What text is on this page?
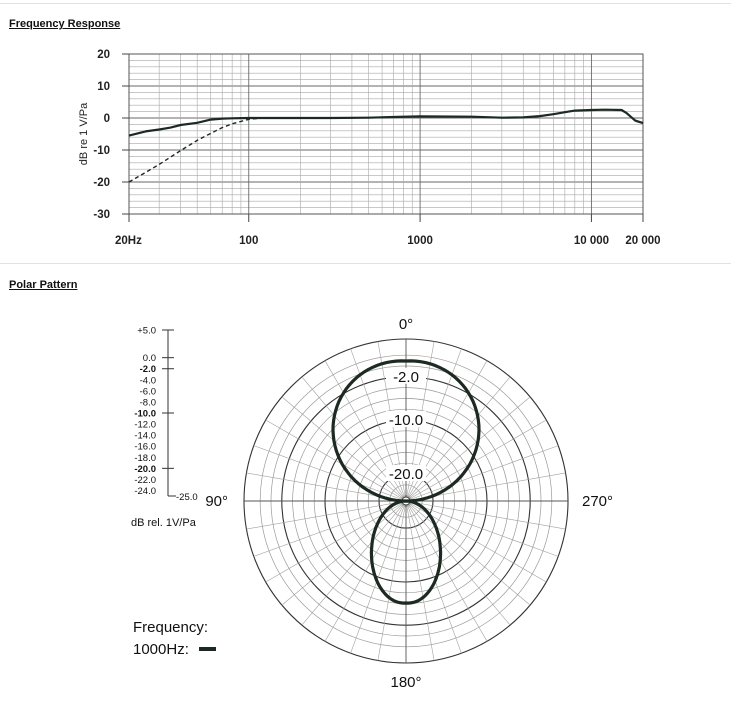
Frequency Response
20
10
0
-10
-20
-30
20Hz	100	1000	10 000 20 000
dB re 1 V/Pa
Polar Pattern
+5.0
0.0
-2.0
-4.0
-6.0
-8.0
-10.0
-12.0
-14.0
-16.0
-18.0
-20.0
-22.0
-24.0
-25.0
dB rel. 1V/Pa
-2.0
-10.0
-20.0
0°
90°
180°
270°
Frequency:
1000Hz:
